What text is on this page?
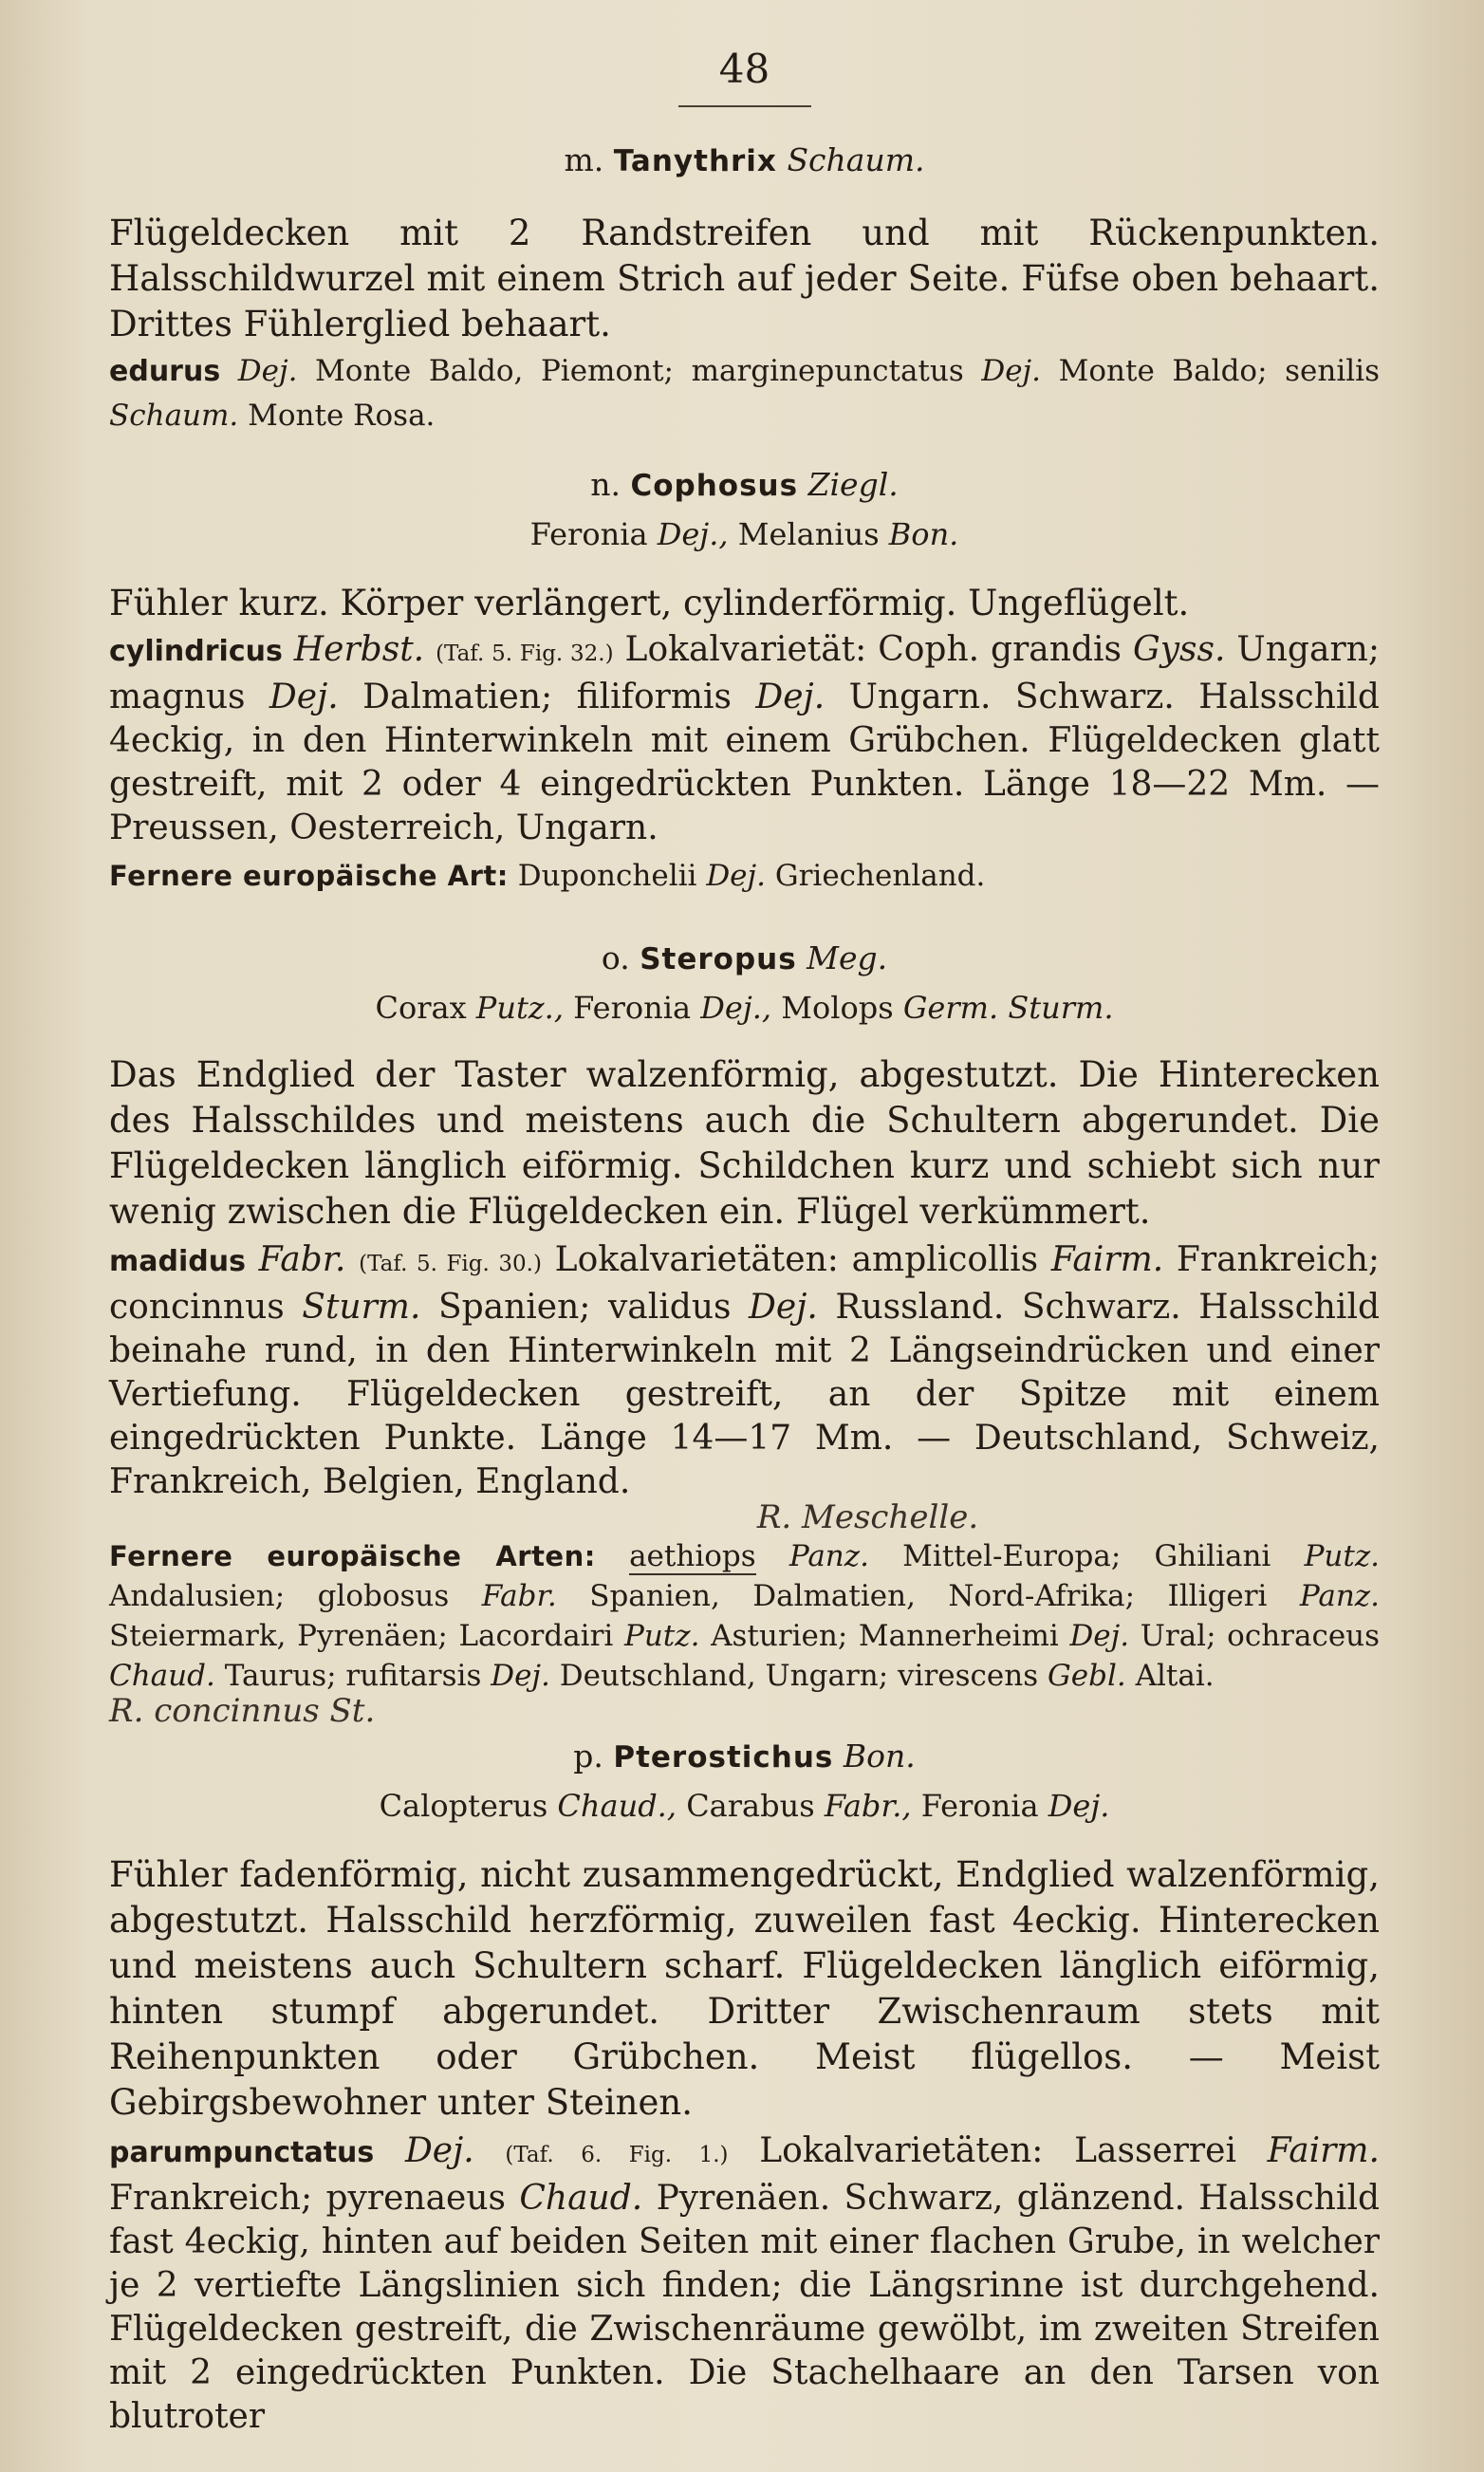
48

m. Tanythrix Schaum.

Flügeldecken mit 2 Randstreifen und mit Rückenpunkten. Halsschildwurzel mit einem Strich auf jeder Seite. Füfse oben behaart. Drittes Fühlerglied behaart.

edurus Dej. Monte Baldo, Piemont; marginepunctatus Dej. Monte Baldo; senilis Schaum. Monte Rosa.

n. Cophosus Ziegl.

Feronia Dej., Melanius Bon.

Fühler kurz. Körper verlängert, cylinderförmig. Ungeflügelt.

cylindricus Herbst. (Taf. 5. Fig. 32.) Lokalvarietät: Coph. grandis Gyss. Ungarn; magnus Dej. Dalmatien; filiformis Dej. Ungarn. Schwarz. Halsschild 4eckig, in den Hinterwinkeln mit einem Grübchen. Flügeldecken glatt gestreift, mit 2 oder 4 eingedrückten Punkten. Länge 18—22 Mm. — Preussen, Oesterreich, Ungarn.

Fernere europäische Art: Duponchelii Dej. Griechenland.

o. Steropus Meg.

Corax Putz., Feronia Dej., Molops Germ. Sturm.

Das Endglied der Taster walzenförmig, abgestutzt. Die Hinterecken des Halsschildes und meistens auch die Schultern abgerundet. Die Flügeldecken länglich eiförmig. Schildchen kurz und schiebt sich nur wenig zwischen die Flügeldecken ein. Flügel verkümmert.

madidus Fabr. (Taf. 5. Fig. 30.) Lokalvarietäten: amplicollis Fairm. Frankreich; concinnus Sturm. Spanien; validus Dej. Russland. Schwarz. Halsschild beinahe rund, in den Hinterwinkeln mit 2 Längseindrücken und einer Vertiefung. Flügeldecken gestreift, an der Spitze mit einem eingedrückten Punkte. Länge 14—17 Mm. — Deutschland, Schweiz, Frankreich, Belgien, England.

R. Meschelle.

Fernere europäische Arten: aethiops Panz. Mittel-Europa; Ghiliani Putz. Andalusien; globosus Fabr. Spanien, Dalmatien, Nord-Afrika; Illigeri Panz. Steiermark, Pyrenäen; Lacordairi Putz. Asturien; Mannerheimi Dej. Ural; ochraceus Chaud. Taurus; rufitarsis Dej. Deutschland, Ungarn; virescens Gebl. Altai.

R. concinnus St.

p. Pterostichus Bon.

Calopterus Chaud., Carabus Fabr., Feronia Dej.

Fühler fadenförmig, nicht zusammengedrückt, Endglied walzenförmig, abgestutzt. Halsschild herzförmig, zuweilen fast 4eckig. Hinterecken und meistens auch Schultern scharf. Flügeldecken länglich eiförmig, hinten stumpf abgerundet. Dritter Zwischenraum stets mit Reihenpunkten oder Grübchen. Meist flügellos. — Meist Gebirgsbewohner unter Steinen.

parumpunctatus Dej. (Taf. 6. Fig. 1.) Lokalvarietäten: Lasserrei Fairm. Frankreich; pyrenaeus Chaud. Pyrenäen. Schwarz, glänzend. Halsschild fast 4eckig, hinten auf beiden Seiten mit einer flachen Grube, in welcher je 2 vertiefte Längslinien sich finden; die Längsrinne ist durchgehend. Flügeldecken gestreift, die Zwischenräume gewölbt, im zweiten Streifen mit 2 eingedrückten Punkten. Die Stachelhaare an den Tarsen von blutroter
